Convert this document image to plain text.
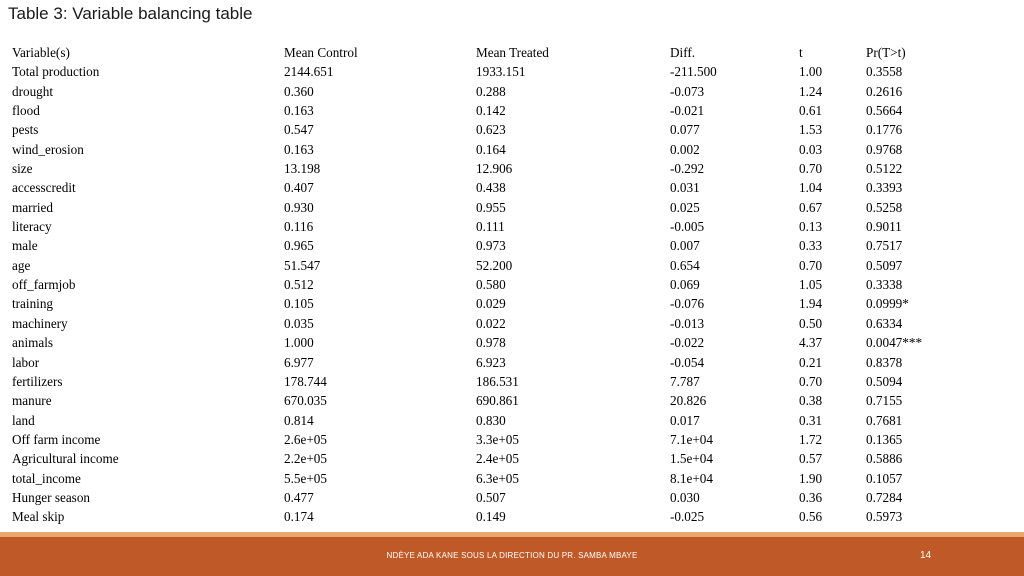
Table 3: Variable balancing table
Variable(s)	Mean Control	Mean Treated	Diff.	t	Pr(T>t)
Total production	2144.651	1933.151	-211.500	1.00	0.3558
drought	0.360	0.288	-0.073	1.24	0.2616
flood	0.163	0.142	-0.021	0.61	0.5664
pests	0.547	0.623	0.077	1.53	0.1776
wind_erosion	0.163	0.164	0.002	0.03	0.9768
size	13.198	12.906	-0.292	0.70	0.5122
accesscredit	0.407	0.438	0.031	1.04	0.3393
married	0.930	0.955	0.025	0.67	0.5258
literacy	0.116	0.111	-0.005	0.13	0.9011
male	0.965	0.973	0.007	0.33	0.7517
age	51.547	52.200	0.654	0.70	0.5097
off_farmjob	0.512	0.580	0.069	1.05	0.3338
training	0.105	0.029	-0.076	1.94	0.0999*
machinery	0.035	0.022	-0.013	0.50	0.6334
animals	1.000	0.978	-0.022	4.37	0.0047***
labor	6.977	6.923	-0.054	0.21	0.8378
fertilizers	178.744	186.531	7.787	0.70	0.5094
manure	670.035	690.861	20.826	0.38	0.7155
land	0.814	0.830	0.017	0.31	0.7681
Off farm income	2.6e+05	3.3e+05	7.1e+04	1.72	0.1365
Agricultural income	2.2e+05	2.4e+05	1.5e+04	0.57	0.5886
total_income	5.5e+05	6.3e+05	8.1e+04	1.90	0.1057
Hunger season	0.477	0.507	0.030	0.36	0.7284
Meal skip	0.174	0.149	-0.025	0.56	0.5973
NDÈYE ADA KANE SOUS LA DIRECTION DU PR. SAMBA MBAYE	14
